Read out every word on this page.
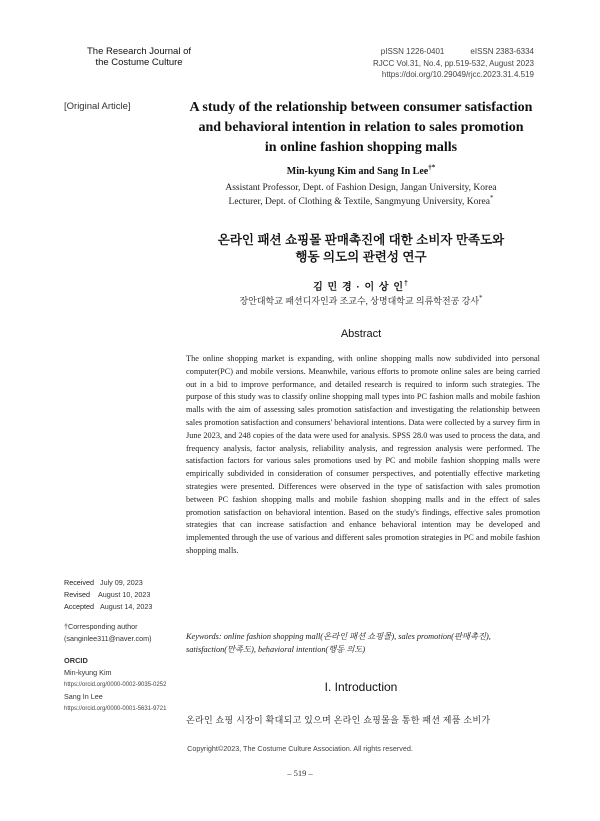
The Research Journal of
the Costume Culture
pISSN 1226-0401	eISSN 2383-6334
RJCC Vol.31, No.4, pp.519-532, August 2023
https://doi.org/10.29049/rjcc.2023.31.4.519
[Original Article]	A study of the relationship between consumer satisfaction
and behavioral intention in relation to sales promotion
in online fashion shopping malls
Min-kyung Kim and Sang In Lee†*
Assistant Professor, Dept. of Fashion Design, Jangan University, Korea
Lecturer, Dept. of Clothing & Textile, Sangmyung University, Korea*
온라인 패션 쇼핑몰 판매촉진에 대한 소비자 만족도와
행동 의도의 관련성 연구
김 민 경 · 이 상 인†
장안대학교 패션디자인과 조교수, 상명대학교 의류학전공 강사*
Abstract
The online shopping market is expanding, with online shopping malls now subdivided into personal computer(PC) and mobile versions. Meanwhile, various efforts to promote online sales are being carried out in a bid to improve performance, and detailed research is required to inform such strategies. The purpose of this study was to classify online shopping mall types into PC fashion malls and mobile fashion malls with the aim of assessing sales promotion satisfaction and investigating the relationship between sales promotion satisfaction and consumers' behavioral intentions. Data were collected by a survey firm in June 2023, and 248 copies of the data were used for analysis. SPSS 28.0 was used to process the data, and frequency analysis, factor analysis, reliability analysis, and regression analysis were performed. The satisfaction factors for various sales promotions used by PC and mobile fashion shopping malls were empirically subdivided in consideration of consumer perspectives, and potentially effective marketing strategies were presented. Differences were observed in the type of satisfaction with sales promotion between PC fashion shopping malls and mobile fashion shopping malls and in the effect of sales promotion satisfaction on behavioral intention. Based on the study's findings, effective sales promotion strategies that can increase satisfaction and enhance behavioral intention may be developed and implemented through the use of various and different sales promotion strategies in PC and mobile fashion shopping malls.
Keywords: online fashion shopping mall(온라인 패션 쇼핑몰), sales promotion(판매촉진), satisfaction(만족도), behavioral intention(행동 의도)
Received July 09, 2023
Revised August 10, 2023
Accepted August 14, 2023
†Corresponding author
(sanginlee311@naver.com)
ORCID
Min-kyung Kim
https://orcid.org/0000-0002-9035-0252
Sang In Lee
https://orcid.org/0000-0001-5631-9721
I. Introduction
온라인 쇼핑 시장이 확대되고 있으며 온라인 쇼핑몰을 통한 패션 제품 소비가
Copyright©2023, The Costume Culture Association. All rights reserved.
– 519 –
